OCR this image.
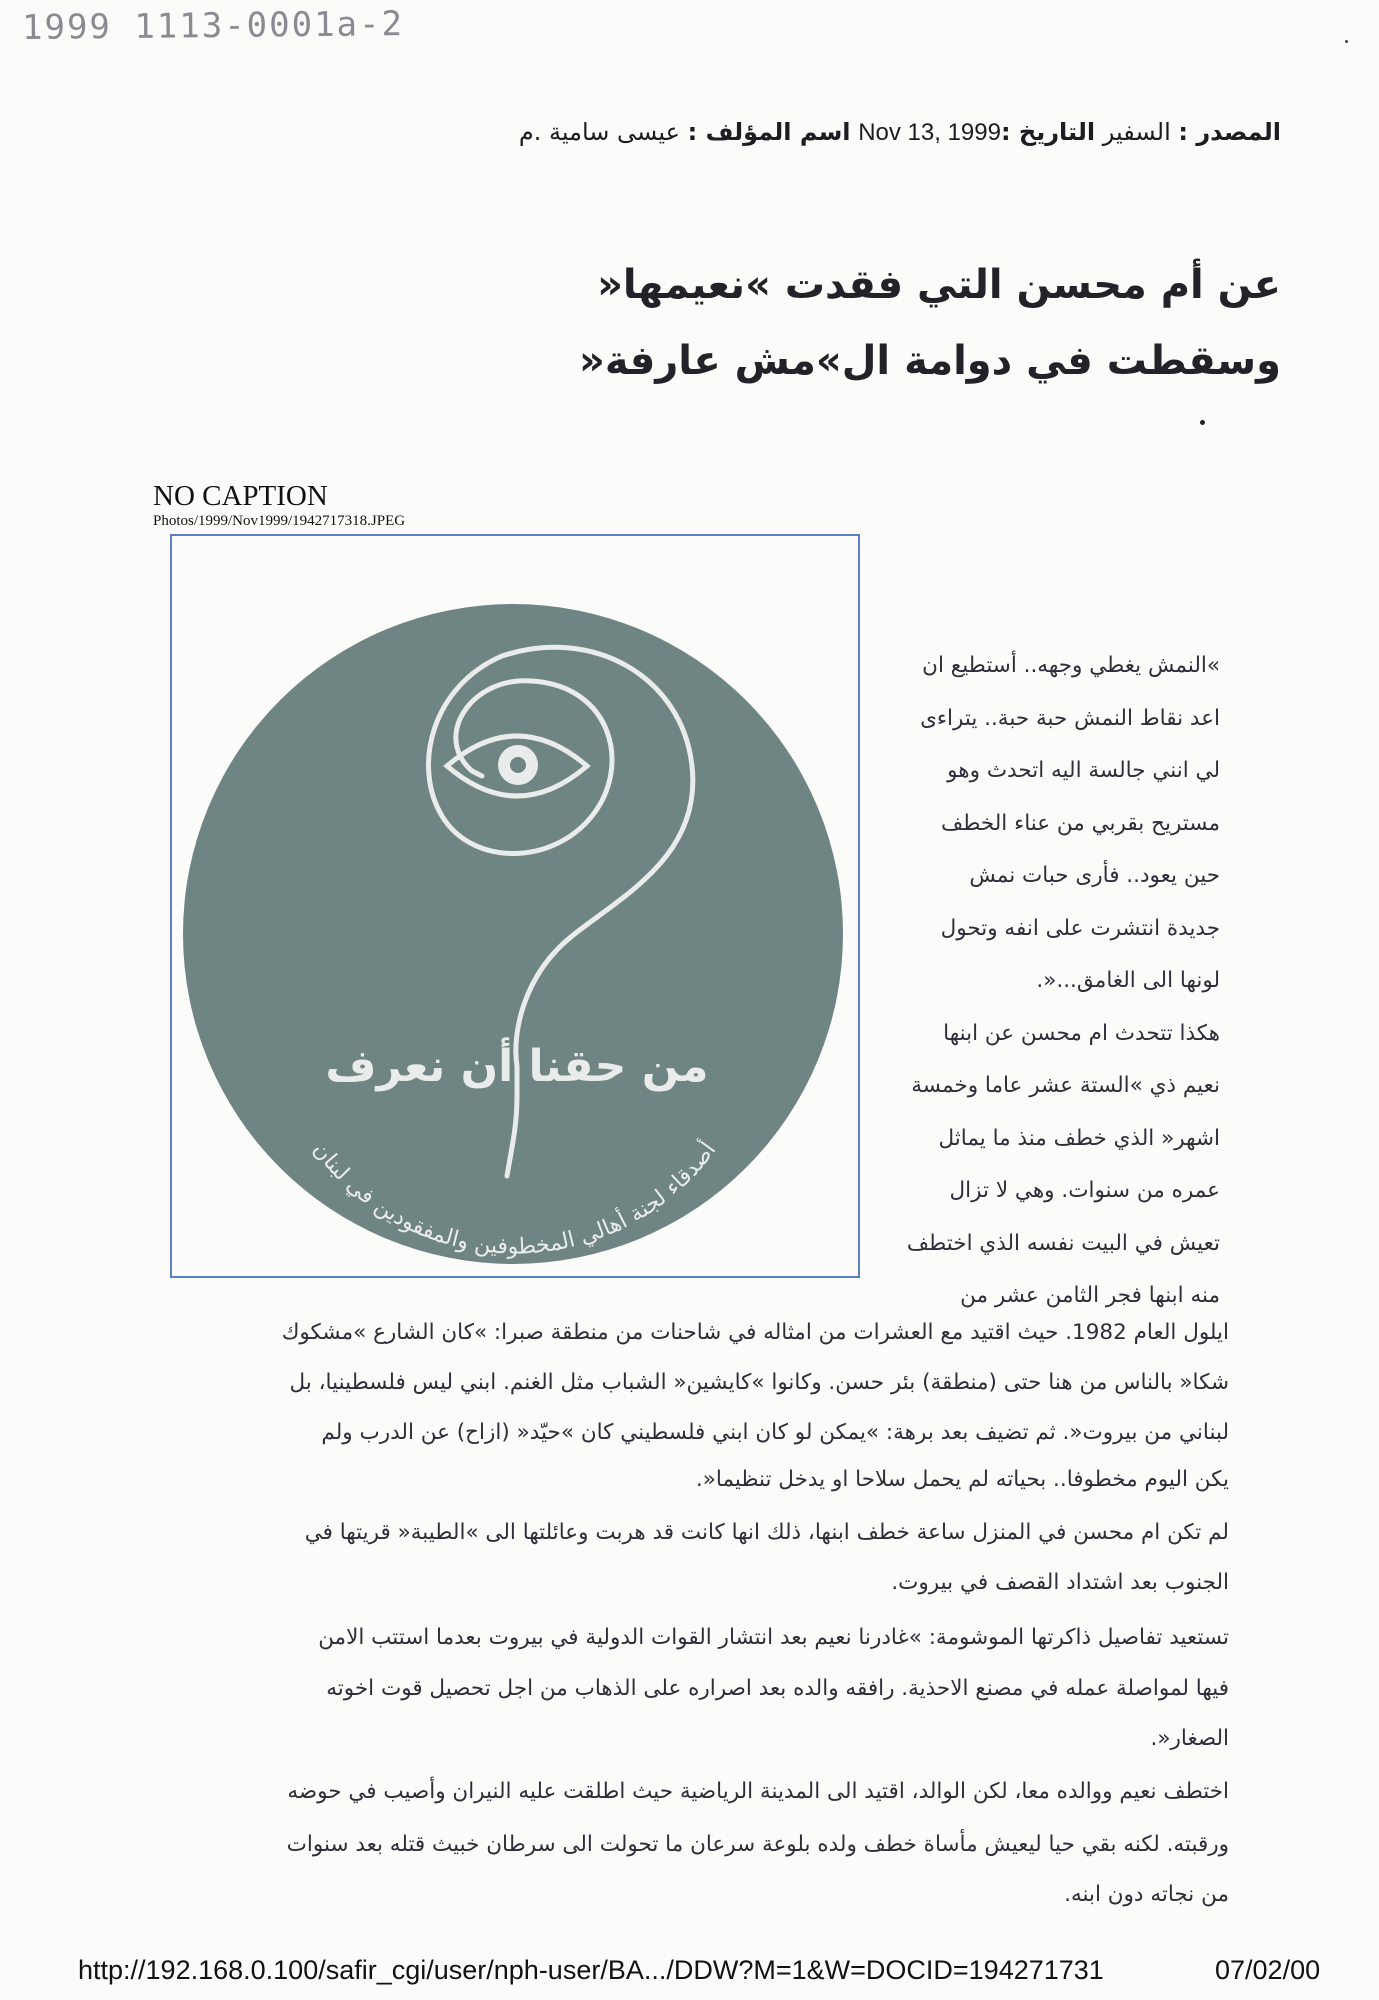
1999 1113-0001a-2
المصدر : السفير التاريخ :Nov 13, 1999 اسم المؤلف : عيسى سامية .م
عن أم محسن التي فقدت »نعيمها«
وسقطت في دوامة ال»مش عارفة«
NO CAPTION
Photos/1999/Nov1999/1942717318.JPEG
من حقنا أن نعرف
أصدقاء لجنة أهالي المخطوفين والمفقودين في لبنان
»النمش يغطي وجهه.. أستطيع ان
اعد نقاط النمش حبة حبة.. يتراءى
لي انني جالسة اليه اتحدث وهو
مستريح بقربي من عناء الخطف
حين يعود.. فأرى حبات نمش
جديدة انتشرت على انفه وتحول
لونها الى الغامق...«.
هكذا تتحدث ام محسن عن ابنها
نعيم ذي »الستة عشر عاما وخمسة
اشهر« الذي خطف منذ ما يماثل
عمره من سنوات. وهي لا تزال
تعيش في البيت نفسه الذي اختطف
منه ابنها فجر الثامن عشر من
ايلول العام 1982. حيث اقتيد مع العشرات من امثاله في شاحنات من منطقة صبرا: »كان الشارع »مشكوك
شكا« بالناس من هنا حتى (منطقة) بئر حسن. وكانوا »كايشين« الشباب مثل الغنم. ابني ليس فلسطينيا، بل
لبناني من بيروت«. ثم تضيف بعد برهة: »يمكن لو كان ابني فلسطيني كان »حيّد« (ازاح) عن الدرب ولم
يكن اليوم مخطوفا.. بحياته لم يحمل سلاحا او يدخل تنظيما«.
لم تكن ام محسن في المنزل ساعة خطف ابنها، ذلك انها كانت قد هربت وعائلتها الى »الطيبة« قريتها في
الجنوب بعد اشتداد القصف في بيروت.
تستعيد تفاصيل ذاكرتها الموشومة: »غادرنا نعيم بعد انتشار القوات الدولية في بيروت بعدما استتب الامن
فيها لمواصلة عمله في مصنع الاحذية. رافقه والده بعد اصراره على الذهاب من اجل تحصيل قوت اخوته
الصغار«.
اختطف نعيم ووالده معا، لكن الوالد، اقتيد الى المدينة الرياضية حيث اطلقت عليه النيران وأصيب في حوضه
ورقبته. لكنه بقي حيا ليعيش مأساة خطف ولده بلوعة سرعان ما تحولت الى سرطان خبيث قتله بعد سنوات
من نجاته دون ابنه.
http://192.168.0.100/safir_cgi/user/nph-user/BA.../DDW?M=1&W=DOCID=194271731	07/02/00
